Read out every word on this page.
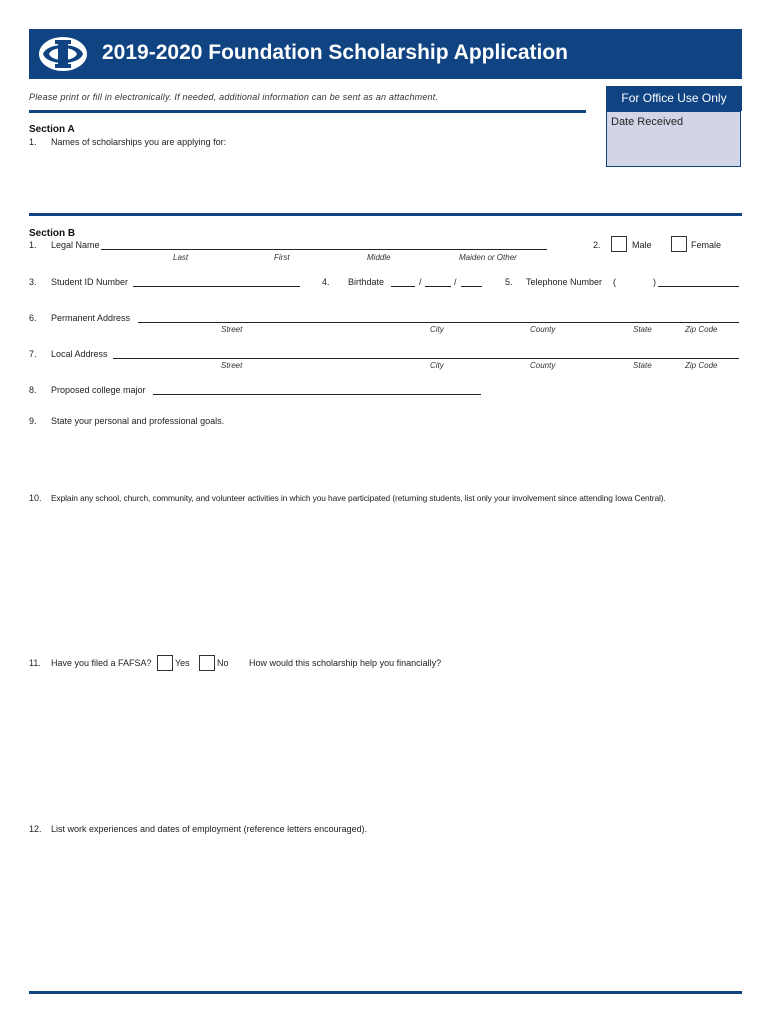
2019-2020 Foundation Scholarship Application
Please print or fill in electronically. If needed, additional information can be sent as an attachment.	For Office Use Only
Date Received
Section A
1. Names of scholarships you are applying for:
Section B
1. Legal Name
Last	First	Middle	Maiden or Other
2.	Male	Female
3. Student ID Number	4. Birthdate	/	/	5. Telephone Number (	)
6. Permanent Address
Street	City	County	State	Zip Code
7. Local Address
Street	City	County	State	Zip Code
8. Proposed college major
9. State your personal and professional goals.
10. Explain any school, church, community, and volunteer activities in which you have participated (returning students, list only your involvement since attending Iowa Central).
11. Have you filed a FAFSA?	Yes	No How would this scholarship help you financially?
12. List work experiences and dates of employment (reference letters encouraged).
